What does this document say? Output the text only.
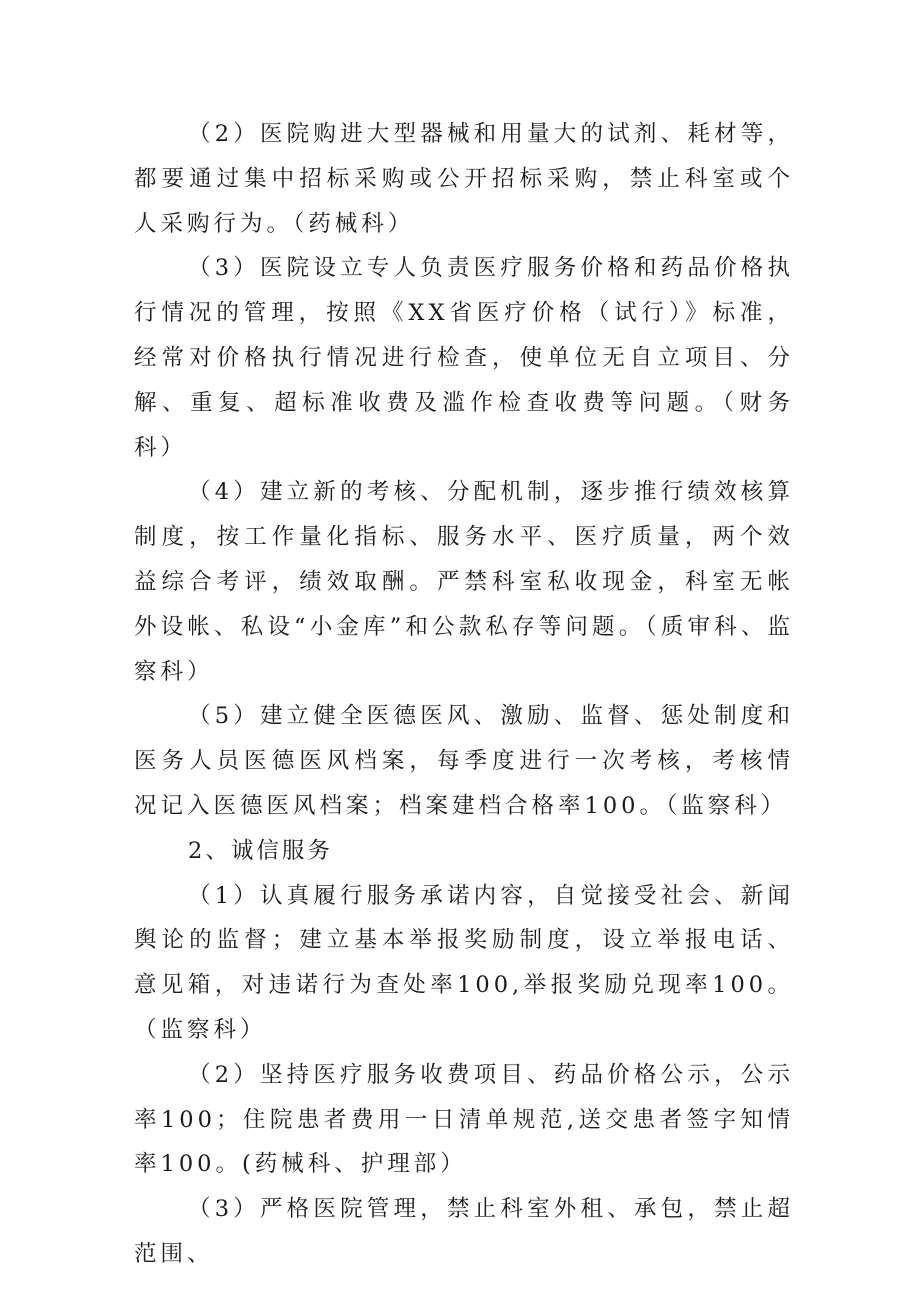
（2）医院购进大型器械和用量大的试剂、耗材等，都要通过集中招标采购或公开招标采购，禁止科室或个人采购行为。（药械科）

（3）医院设立专人负责医疗服务价格和药品价格执行情况的管理，按照《XX省医疗价格（试行）》标准，经常对价格执行情况进行检查，使单位无自立项目、分解、重复、超标准收费及滥作检查收费等问题。（财务科）

（4）建立新的考核、分配机制，逐步推行绩效核算制度，按工作量化指标、服务水平、医疗质量，两个效益综合考评，绩效取酬。严禁科室私收现金，科室无帐外设帐、私设“小金库”和公款私存等问题。（质审科、监察科）

（5）建立健全医德医风、激励、监督、惩处制度和医务人员医德医风档案，每季度进行一次考核，考核情况记入医德医风档案；档案建档合格率100。（监察科）

2、诚信服务

（1）认真履行服务承诺内容，自觉接受社会、新闻舆论的监督；建立基本举报奖励制度，设立举报电话、意见箱，对违诺行为查处率100,举报奖励兑现率100。（监察科）

（2）坚持医疗服务收费项目、药品价格公示，公示率100；住院患者费用一日清单规范,送交患者签字知情率100。(药械科、护理部）

（3）严格医院管理，禁止科室外租、承包，禁止超范围、
